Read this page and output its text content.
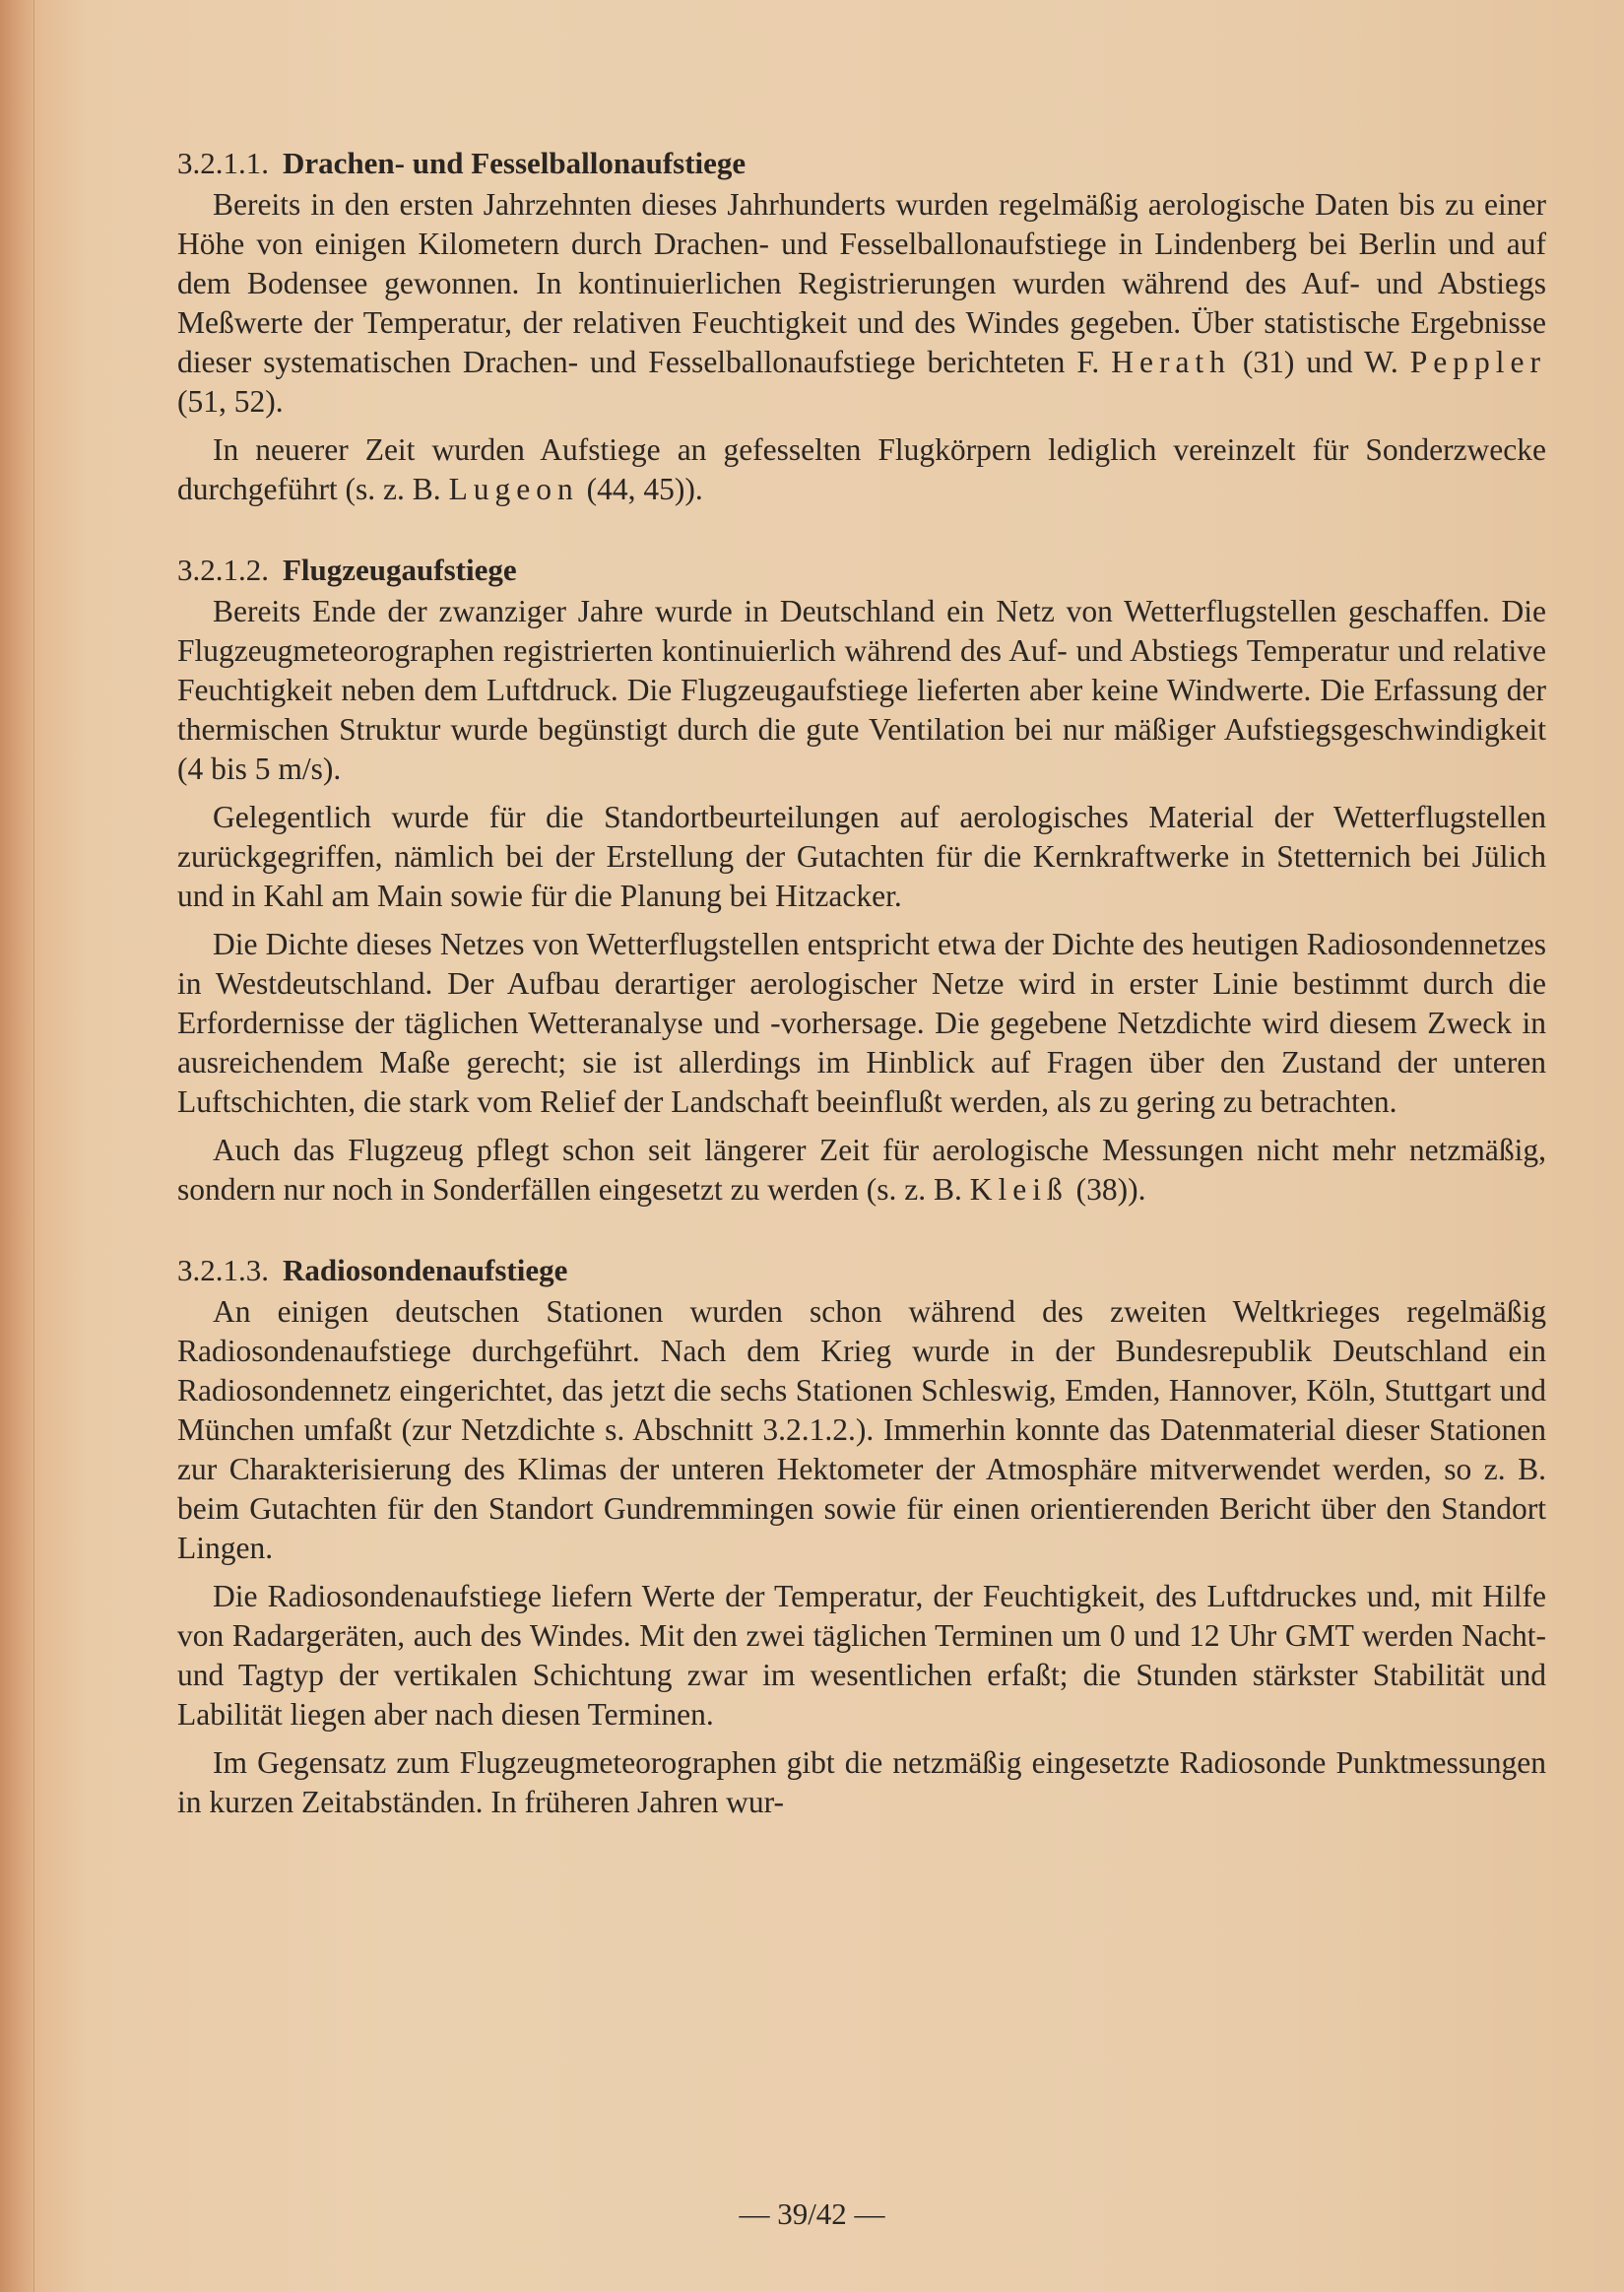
3.2.1.1. Drachen- und Fesselballonaufstiege

Bereits in den ersten Jahrzehnten dieses Jahrhunderts wurden regelmäßig aerologische Daten bis zu einer Höhe von einigen Kilometern durch Drachen- und Fesselballonaufstiege in Lindenberg bei Berlin und auf dem Bodensee gewonnen. In kontinuierlichen Registrierungen wurden während des Auf- und Abstiegs Meßwerte der Temperatur, der relativen Feuchtigkeit und des Windes gegeben. Über statistische Ergebnisse dieser systematischen Drachen- und Fesselballonaufstiege berichteten F. Herath (31) und W. Peppler (51, 52).

In neuerer Zeit wurden Aufstiege an gefesselten Flugkörpern lediglich vereinzelt für Sonderzwecke durchgeführt (s. z. B. Lugeon (44, 45)).

3.2.1.2. Flugzeugaufstiege

Bereits Ende der zwanziger Jahre wurde in Deutschland ein Netz von Wetterflugstellen geschaffen. Die Flugzeugmeteorographen registrierten kontinuierlich während des Auf- und Abstiegs Temperatur und relative Feuchtigkeit neben dem Luftdruck. Die Flugzeugaufstiege lieferten aber keine Windwerte. Die Erfassung der thermischen Struktur wurde begünstigt durch die gute Ventilation bei nur mäßiger Aufstiegsgeschwindigkeit (4 bis 5 m/s).

Gelegentlich wurde für die Standortbeurteilungen auf aerologisches Material der Wetterflugstellen zurückgegriffen, nämlich bei der Erstellung der Gutachten für die Kernkraftwerke in Stetternich bei Jülich und in Kahl am Main sowie für die Planung bei Hitzacker.

Die Dichte dieses Netzes von Wetterflugstellen entspricht etwa der Dichte des heutigen Radiosondennetzes in Westdeutschland. Der Aufbau derartiger aerologischer Netze wird in erster Linie bestimmt durch die Erfordernisse der täglichen Wetteranalyse und -vorhersage. Die gegebene Netzdichte wird diesem Zweck in ausreichendem Maße gerecht; sie ist allerdings im Hinblick auf Fragen über den Zustand der unteren Luftschichten, die stark vom Relief der Landschaft beeinflußt werden, als zu gering zu betrachten.

Auch das Flugzeug pflegt schon seit längerer Zeit für aerologische Messungen nicht mehr netzmäßig, sondern nur noch in Sonderfällen eingesetzt zu werden (s. z. B. Kleiß (38)).

3.2.1.3. Radiosondenaufstiege

An einigen deutschen Stationen wurden schon während des zweiten Weltkrieges regelmäßig Radiosondenaufstiege durchgeführt. Nach dem Krieg wurde in der Bundesrepublik Deutschland ein Radiosondennetz eingerichtet, das jetzt die sechs Stationen Schleswig, Emden, Hannover, Köln, Stuttgart und München umfaßt (zur Netzdichte s. Abschnitt 3.2.1.2.). Immerhin konnte das Datenmaterial dieser Stationen zur Charakterisierung des Klimas der unteren Hektometer der Atmosphäre mitverwendet werden, so z. B. beim Gutachten für den Standort Gundremmingen sowie für einen orientierenden Bericht über den Standort Lingen.

Die Radiosondenaufstiege liefern Werte der Temperatur, der Feuchtigkeit, des Luftdruckes und, mit Hilfe von Radargeräten, auch des Windes. Mit den zwei täglichen Terminen um 0 und 12 Uhr GMT werden Nacht- und Tagtyp der vertikalen Schichtung zwar im wesentlichen erfaßt; die Stunden stärkster Stabilität und Labilität liegen aber nach diesen Terminen.

Im Gegensatz zum Flugzeugmeteorographen gibt die netzmäßig eingesetzte Radiosonde Punktmessungen in kurzen Zeitabständen. In früheren Jahren wur-

— 39/42 —
